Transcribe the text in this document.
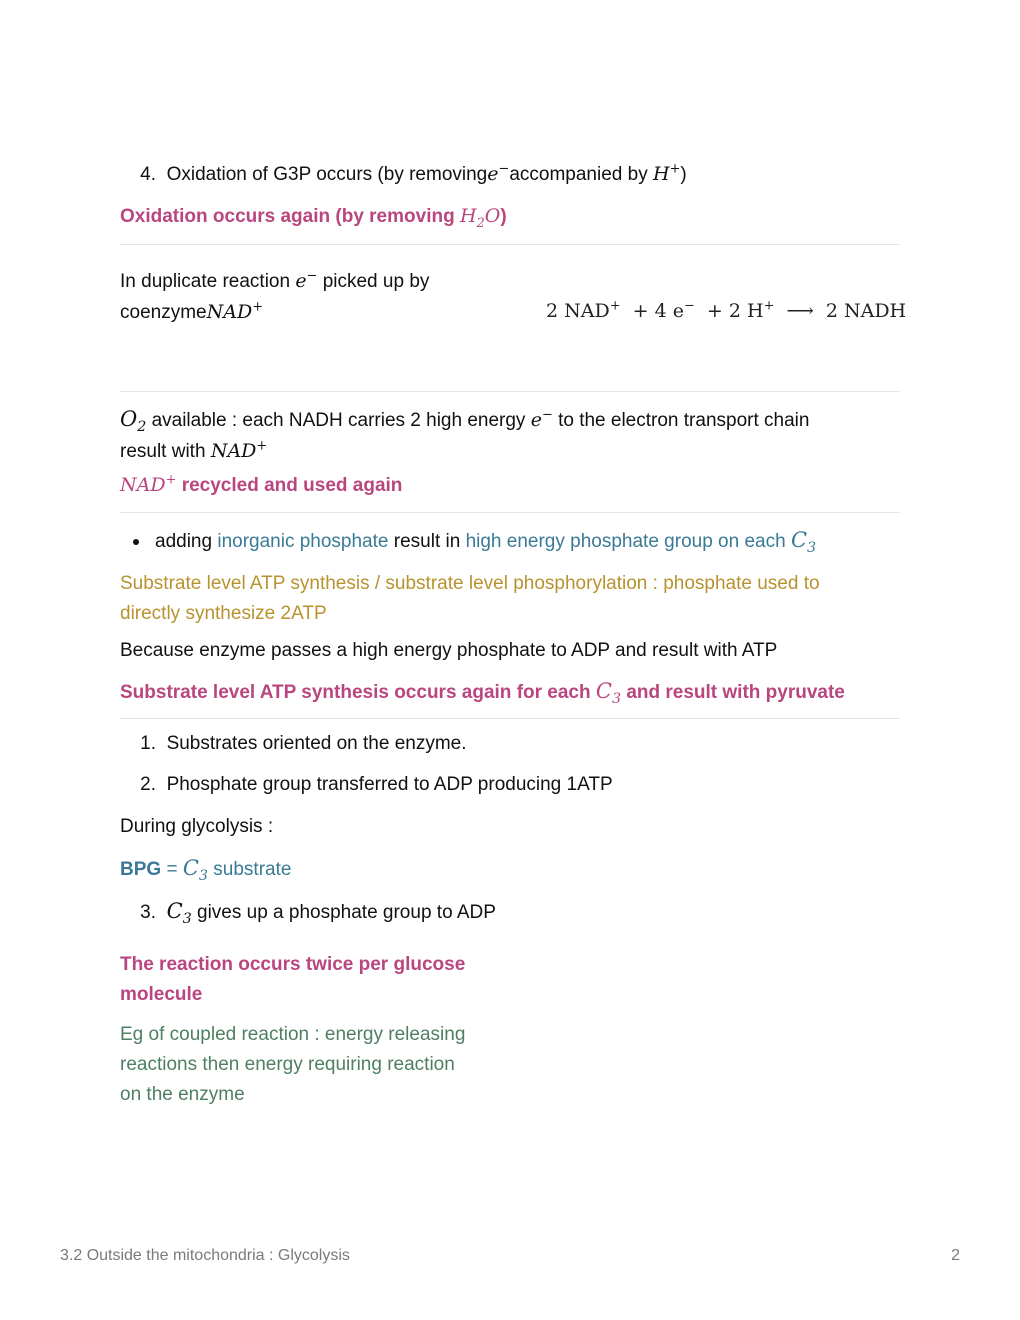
4. Oxidation of G3P occurs (by removinge−accompanied by H+)
Oxidation occurs again (by removing $H_2O$)
In duplicate reaction e− picked up by
coenzymeNAD+	2 NAD+ + 4 e− + 2 H+ ⟶ 2 NADH
$O_2$ available : each NADH carries 2 high energy e− to the electron transport chain
result with NAD+
NAD+ recycled and used again
adding inorganic phosphate result in high energy phosphate group on each $C_3$
Substrate level ATP synthesis / substrate level phosphorylation : phosphate used to
directly synthesize 2ATP
Because enzyme passes a high energy phosphate to ADP and result with ATP
Substrate level ATP synthesis occurs again for each $C_3$ and result with pyruvate
1. Substrates oriented on the enzyme.
2. Phosphate group transferred to ADP producing 1ATP
During glycolysis :
BPG = $C_3$ substrate
3. $C_3$ gives up a phosphate group to ADP
The reaction occurs twice per glucose
molecule
Eg of coupled reaction : energy releasing
reactions then energy requiring reaction
on the enzyme
3.2 Outside the mitochondria : Glycolysis	2
